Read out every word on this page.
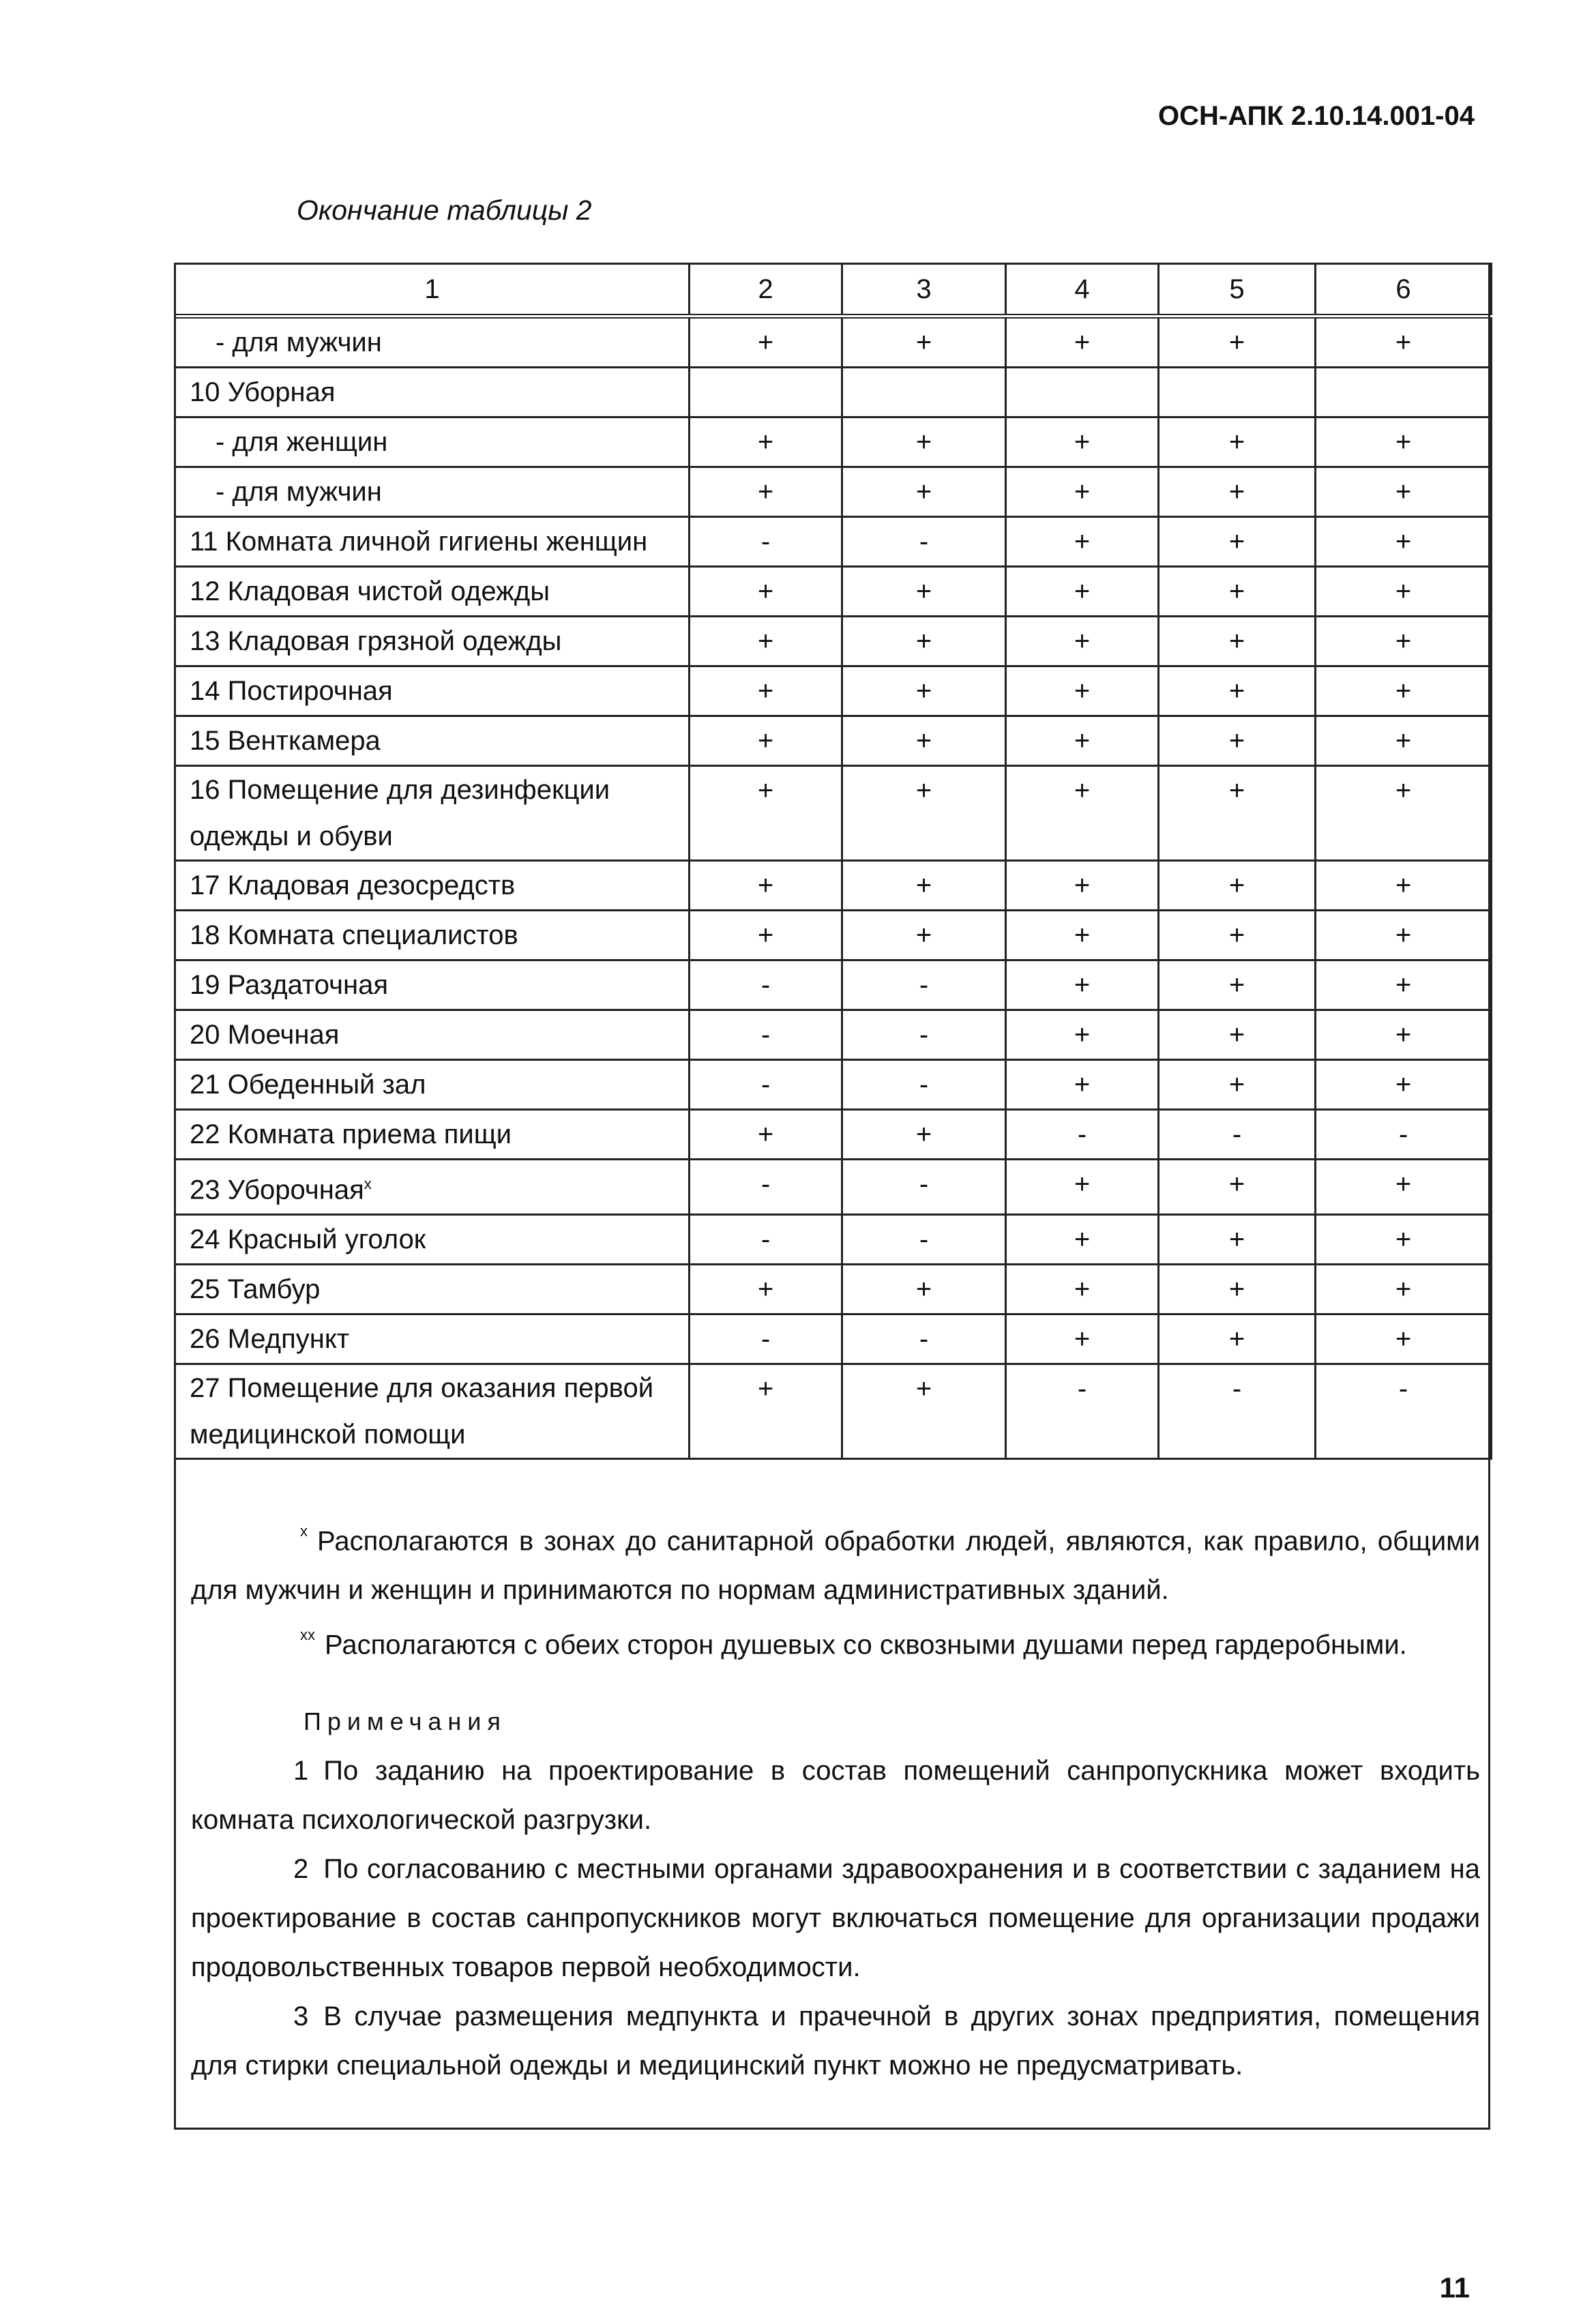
ОСН-АПК 2.10.14.001-04
Окончание таблицы 2
1	2	3	4	5	6
- для мужчин	+	+	+	+	+
10 Уборная					
- для женщин	+	+	+	+	+
- для мужчин	+	+	+	+	+
11 Комната личной гигиены женщин	-	-	+	+	+
12 Кладовая чистой одежды	+	+	+	+	+
13 Кладовая грязной одежды	+	+	+	+	+
14 Постирочная	+	+	+	+	+
15 Венткамера	+	+	+	+	+
16 Помещение для дезинфекции
одежды и обуви	+	+	+	+	+
17 Кладовая дезосредств	+	+	+	+	+
18 Комната специалистов	+	+	+	+	+
19 Раздаточная	-	-	+	+	+
20 Моечная	-	-	+	+	+
21 Обеденный зал	-	-	+	+	+
22 Комната приема пищи	+	+	-	-	-
23 Уборочная$^x$	-	-	+	+	+
24 Красный уголок	-	-	+	+	+
25 Тамбур	+	+	+	+	+
26 Медпункт	-	-	+	+	+
27 Помещение для оказания первой
медицинской помощи	+	+	-	-	-

$^x$ Располагаются в зонах до санитарной обработки людей, являются, как правило, общими для мужчин и женщин и принимаются по нормам административных зданий.

$^{xx}$ Располагаются с обеих сторон душевых со сквозными душами перед гардеробными.

Примечания

1 По заданию на проектирование в состав помещений санпропускника может входить комната психологической разгрузки.

2 По согласованию с местными органами здравоохранения и в соответствии с заданием на проектирование в состав санпропускников могут включаться помещение для организации продажи продовольственных товаров первой необходимости.

3 В случае размещения медпункта и прачечной в других зонах предприятия, помещения для стирки специальной одежды и медицинский пункт можно не предусматривать.

11
